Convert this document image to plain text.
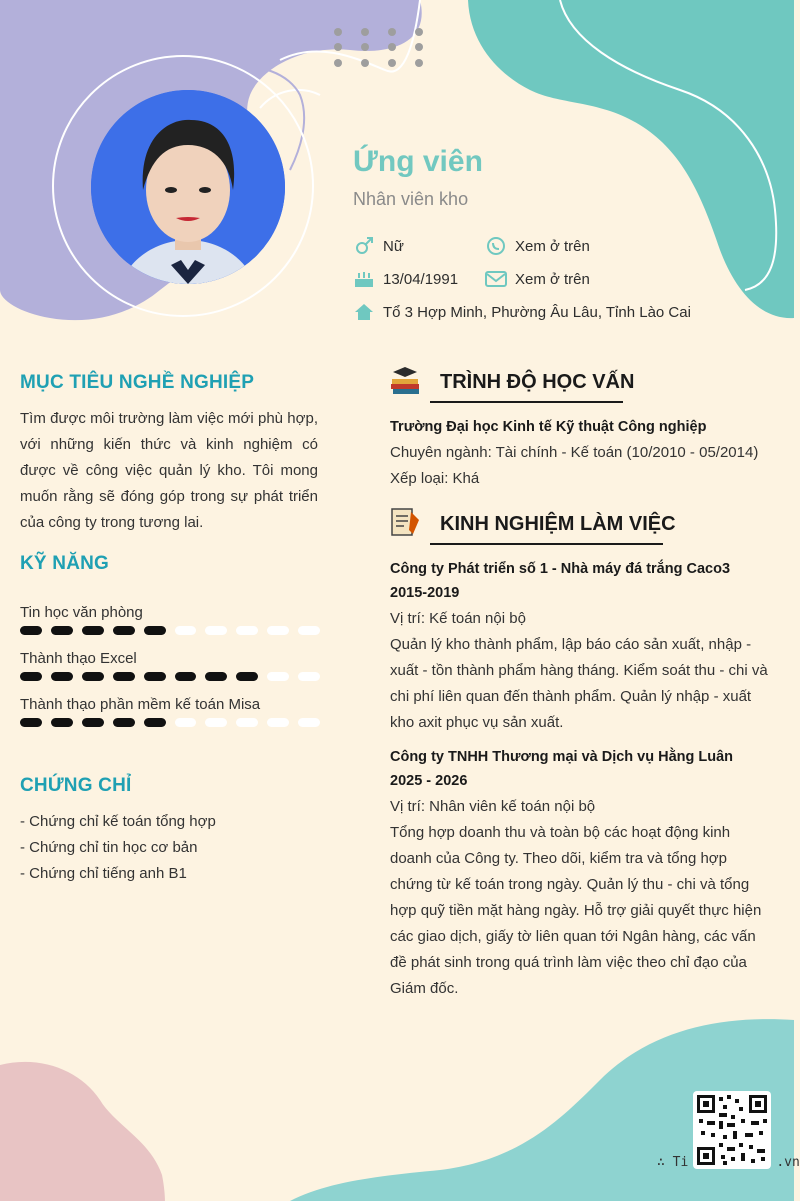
Ứng viên
Nhân viên kho
Nữ	Xem ở trên
13/04/1991	Xem ở trên
Tổ 3 Hợp Minh, Phường Âu Lâu, Tỉnh Lào Cai
MỤC TIÊU NGHỀ NGHIỆP
Tìm được môi trường làm việc mới phù hợp, với những kiến thức và kinh nghiệm có được về công việc quản lý kho. Tôi mong muốn rằng sẽ đóng góp trong sự phát triển của công ty trong tương lai.
KỸ NĂNG
Tin học văn phòng
Thành thạo Excel
Thành thạo phần mềm kế toán Misa
CHỨNG CHỈ
- Chứng chỉ kế toán tổng hợp
- Chứng chỉ tin học cơ bản
- Chứng chỉ tiếng anh B1
TRÌNH ĐỘ HỌC VẤN
Trường Đại học Kinh tế Kỹ thuật Công nghiệp
Chuyên ngành: Tài chính - Kế toán (10/2010 - 05/2014)
Xếp loại: Khá
KINH NGHIỆM LÀM VIỆC
Công ty Phát triển số 1 - Nhà máy đá trắng Caco3
2015-2019
Vị trí: Kế toán nội bộ
Quản lý kho thành phẩm, lập báo cáo sản xuất, nhập - xuất - tồn thành phẩm hàng tháng. Kiểm soát thu - chi và chi phí liên quan đến thành phẩm. Quản lý nhập - xuất kho axit phục vụ sản xuất.
Công ty TNHH Thương mại và Dịch vụ Hằng Luân
2025 - 2026
Vị trí: Nhân viên kế toán nội bộ
Tổng hợp doanh thu và toàn bộ các hoạt động kinh doanh của Công ty. Theo dõi, kiểm tra và tổng hợp chứng từ kế toán trong ngày. Quản lý thu - chi và tổng hợp quỹ tiền mặt hàng ngày. Hỗ trợ giải quyết thực hiện các giao dịch, giấy tờ liên quan tới Ngân hàng, các vấn đề phát sinh trong quá trình làm việc theo chỉ đạo của Giám đốc.
∴ Ti	.vn
